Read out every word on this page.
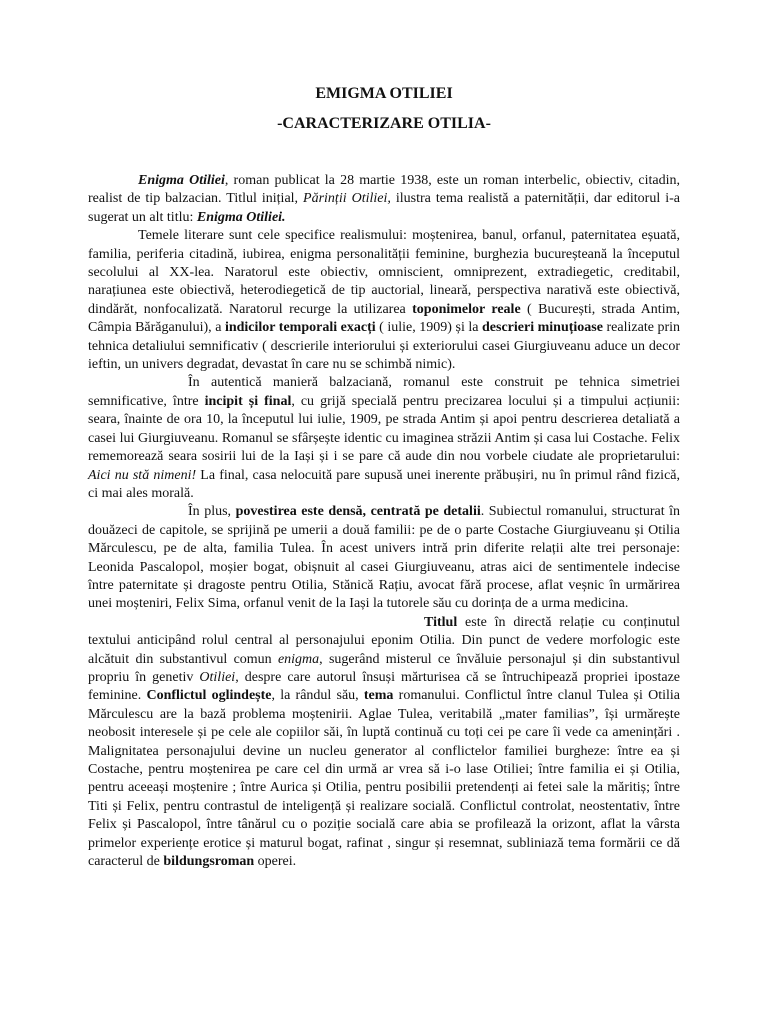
EMIGMA OTILIEI
-CARACTERIZARE OTILIA-

Enigma Otiliei, roman publicat la 28 martie 1938, este un roman interbelic, obiectiv, citadin, realist de tip balzacian. Titlul inițial, Părinții Otiliei, ilustra tema realistă a paternității, dar editorul i-a sugerat un alt titlu: Enigma Otiliei.

Temele literare sunt cele specifice realismului: moștenirea, banul, orfanul, paternitatea eșuată, familia, periferia citadină, iubirea, enigma personalității feminine, burghezia bucureșteană la începutul secolului al XX-lea. Naratorul este obiectiv, omniscient, omniprezent, extradiegetic, creditabil, narațiunea este obiectivă, heterodiegetică de tip auctorial, lineară, perspectiva narativă este obiectivă, dindărăt, nonfocalizată. Naratorul recurge la utilizarea toponimelor reale ( București, strada Antim, Câmpia Bărăganului), a indicilor temporali exacți ( iulie, 1909) și la descrieri minuțioase realizate prin tehnica detaliului semnificativ ( descrierile interiorului și exteriorului casei Giurgiuveanu aduce un decor ieftin, un univers degradat, devastat în care nu se schimbă nimic).

În autentică manieră balzaciană, romanul este construit pe tehnica simetriei semnificative, între incipit și final, cu grijă specială pentru precizarea locului și a timpului acțiunii: seara, înainte de ora 10, la începutul lui iulie, 1909, pe strada Antim și apoi pentru descrierea detaliată a casei lui Giurgiuveanu. Romanul se sfârșește identic cu imaginea străzii Antim și casa lui Costache. Felix rememorează seara sosirii lui de la Iași și i se pare că aude din nou vorbele ciudate ale proprietarului: Aici nu stă nimeni! La final, casa nelocuită pare supusă unei inerente prăbușiri, nu în primul rând fizică, ci mai ales morală.

În plus, povestirea este densă, centrată pe detalii. Subiectul romanului, structurat în douăzeci de capitole, se sprijină pe umerii a două familii: pe de o parte Costache Giurgiuveanu și Otilia Mărculescu, pe de alta, familia Tulea. În acest univers intră prin diferite relații alte trei personaje: Leonida Pascalopol, moșier bogat, obișnuit al casei Giurgiuveanu, atras aici de sentimentele indecise între paternitate și dragoste pentru Otilia, Stănică Rațiu, avocat fără procese, aflat veșnic în urmărirea unei moșteniri, Felix Sima, orfanul venit de la Iași la tutorele său cu dorința de a urma medicina.

Titlul este în directă relație cu conținutul textului anticipând rolul central al personajului eponim Otilia. Din punct de vedere morfologic este alcătuit din substantivul comun enigma, sugerând misterul ce învăluie personajul și din substantivul propriu în genetiv Otiliei, despre care autorul însuși mărturisea că se întruchipează propriei ipostaze feminine. Conflictul oglindește, la rândul său, tema romanului. Conflictul între clanul Tulea și Otilia Mărculescu are la bază problema moștenirii. Aglae Tulea, veritabilă „mater familias”, își urmărește neobosit interesele și pe cele ale copiilor săi, în luptă continuă cu toți cei pe care îi vede ca amenințări . Malignitatea personajului devine un nucleu generator al conflictelor familiei burgheze: între ea și Costache, pentru moștenirea pe care cel din urmă ar vrea să i-o lase Otiliei; între familia ei și Otilia, pentru aceeași moștenire ; între Aurica și Otilia, pentru posibilii pretendenți ai fetei sale la măritiș; între Titi și Felix, pentru contrastul de inteligență și realizare socială. Conflictul controlat, neostentativ, între Felix și Pascalopol, între tânărul cu o poziție socială care abia se profilează la orizont, aflat la vârsta primelor experiențe erotice și maturul bogat, rafinat , singur și resemnat, subliniază tema formării ce dă caracterul de bildungsroman operei.
